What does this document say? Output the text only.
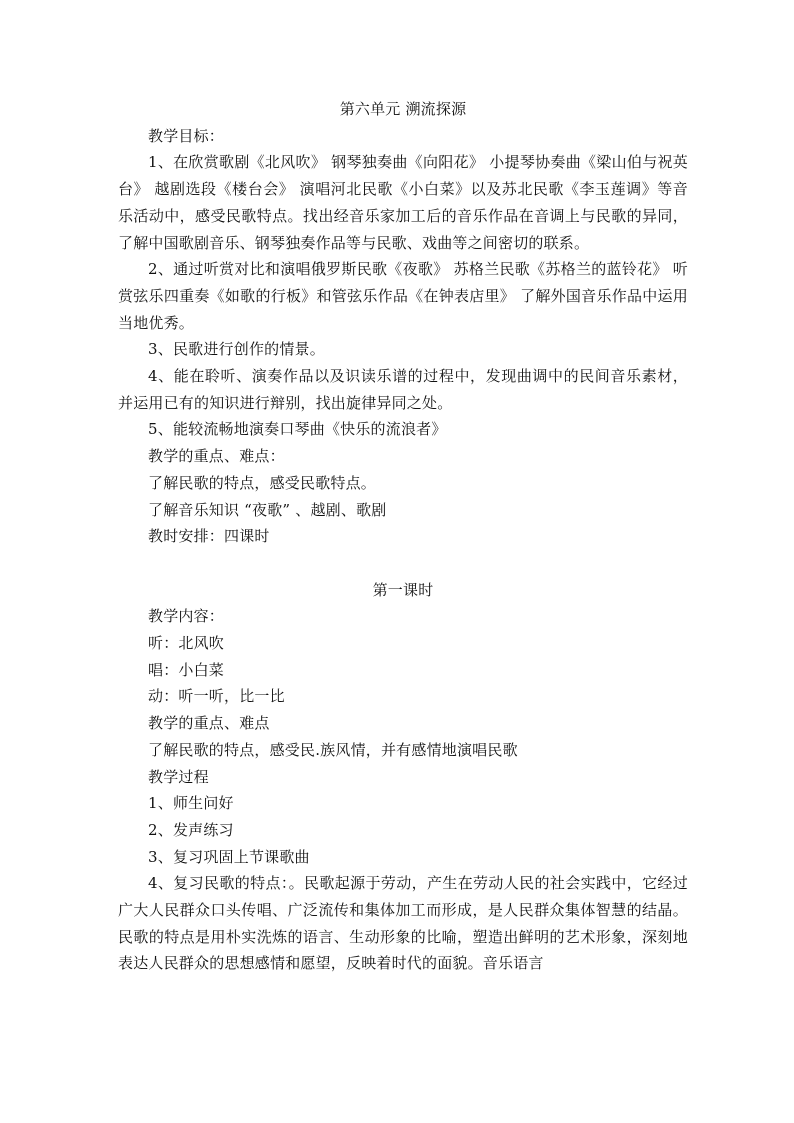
第六单元 溯流探源

教学目标：

1、在欣赏歌剧《北风吹》 钢琴独奏曲《向阳花》 小提琴协奏曲《梁山伯与祝英台》 越剧选段《楼台会》 演唱河北民歌《小白菜》以及苏北民歌《李玉莲调》等音乐活动中，感受民歌特点。找出经音乐家加工后的音乐作品在音调上与民歌的异同，了解中国歌剧音乐、钢琴独奏作品等与民歌、戏曲等之间密切的联系。

2、通过听赏对比和演唱俄罗斯民歌《夜歌》 苏格兰民歌《苏格兰的蓝铃花》 听赏弦乐四重奏《如歌的行板》和管弦乐作品《在钟表店里》 了解外国音乐作品中运用当地优秀。

3、民歌进行创作的情景。

4、能在聆听、演奏作品以及识读乐谱的过程中，发现曲调中的民间音乐素材，并运用已有的知识进行辩别，找出旋律异同之处。

5、能较流畅地演奏口琴曲《快乐的流浪者》

教学的重点、难点：

了解民歌的特点，感受民歌特点。

了解音乐知识 “夜歌” 、越剧、歌剧

教时安排：四课时

第一课时

教学内容：

听：北风吹

唱：小白菜

动：听一听，比一比

教学的重点、难点

了解民歌的特点，感受民.族风情，并有感情地演唱民歌

教学过程

1、师生问好

2、发声练习

3、复习巩固上节课歌曲

4、复习民歌的特点：。民歌起源于劳动，产生在劳动人民的社会实践中，它经过广大人民群众口头传唱、广泛流传和集体加工而形成，是人民群众集体智慧的结晶。民歌的特点是用朴实洗炼的语言、生动形象的比喻，塑造出鲜明的艺术形象，深刻地表达人民群众的思想感情和愿望，反映着时代的面貌。音乐语言
